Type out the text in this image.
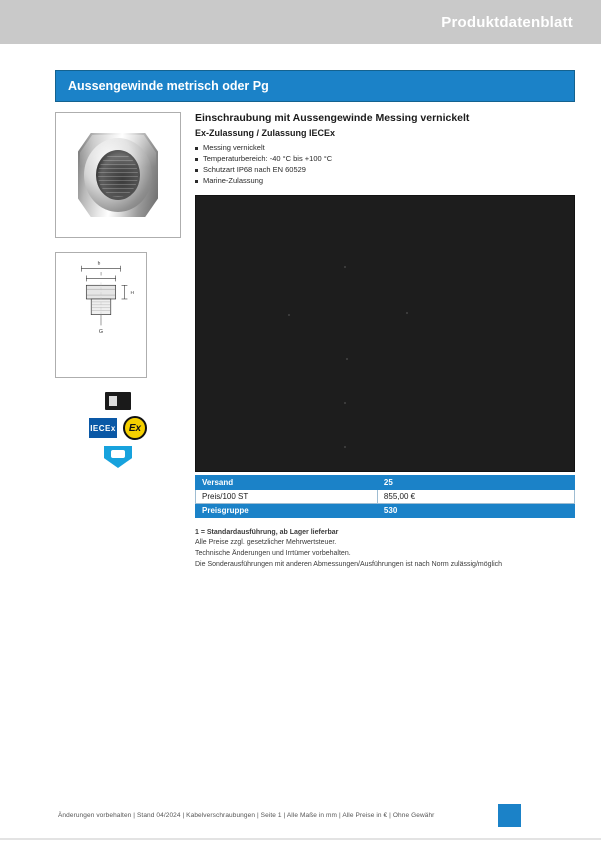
Produktdatenblatt
Aussengewinde metrisch oder Pg
b
l
H
G
IECEx	Ex
Einschraubung mit Aussengewinde Messing vernickelt
Ex-Zulassung / Zulassung IECEx
Messing vernickelt
Temperaturbereich: -40 °C bis +100 °C
Schutzart IP68 nach EN 60529
Marine-Zulassung
Versand	25
Preis/100 ST	855,00 €
Preisgruppe	530
1 = Standardausführung, ab Lager lieferbar
Alle Preise zzgl. gesetzlicher Mehrwertsteuer.
Technische Änderungen und Irrtümer vorbehalten.
Die Sonderausführungen mit anderen Abmessungen/Ausführungen ist nach Norm zulässig/möglich
Änderungen vorbehalten | Stand 04/2024 | Kabelverschraubungen | Seite 1 | Alle Maße in mm | Alle Preise in € | Ohne Gewähr
